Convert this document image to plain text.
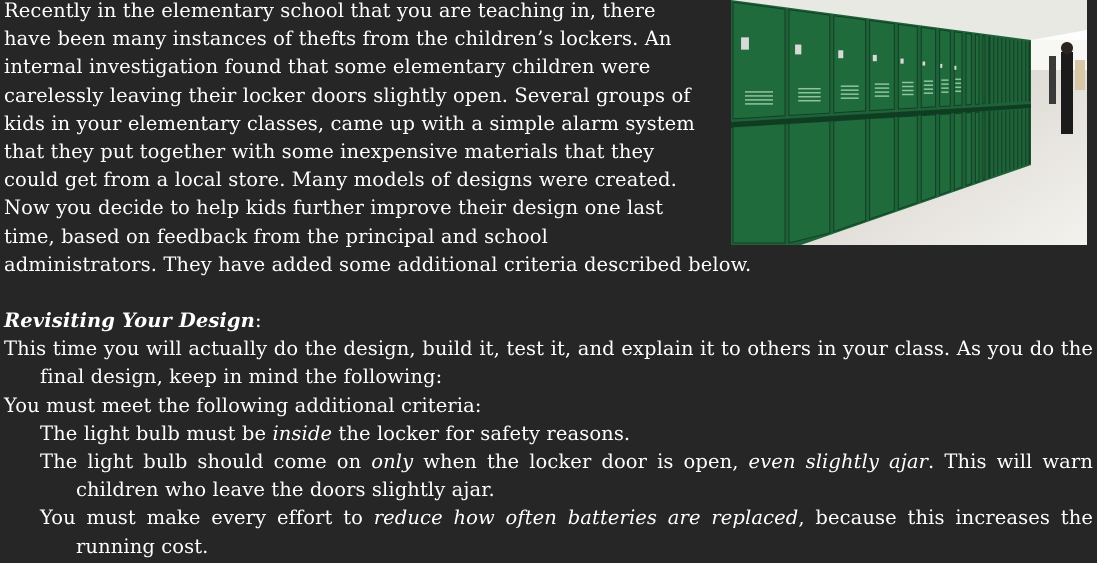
Recently in the elementary school that you are teaching in, there

have been many instances of thefts from the children’s lockers. An

internal investigation found that some elementary children were

carelessly leaving their locker doors slightly open. Several groups of

kids in your elementary classes, came up with a simple alarm system

that they put together with some inexpensive materials that they

could get from a local store. Many models of designs were created.

Now you decide to help kids further improve their design one last

time, based on feedback from the principal and school

administrators. They have added some additional criteria described below.

Revisiting Your Design:

This time you will actually do the design, build it, test it, and explain it to others in your class. As you do the final design, keep in mind the following:

You must meet the following additional criteria:

The light bulb must be inside the locker for safety reasons.

The light bulb should come on only when the locker door is open, even slightly ajar. This will warn children who leave the doors slightly ajar.

You must make every effort to reduce how often batteries are replaced, because this increases the running cost.
